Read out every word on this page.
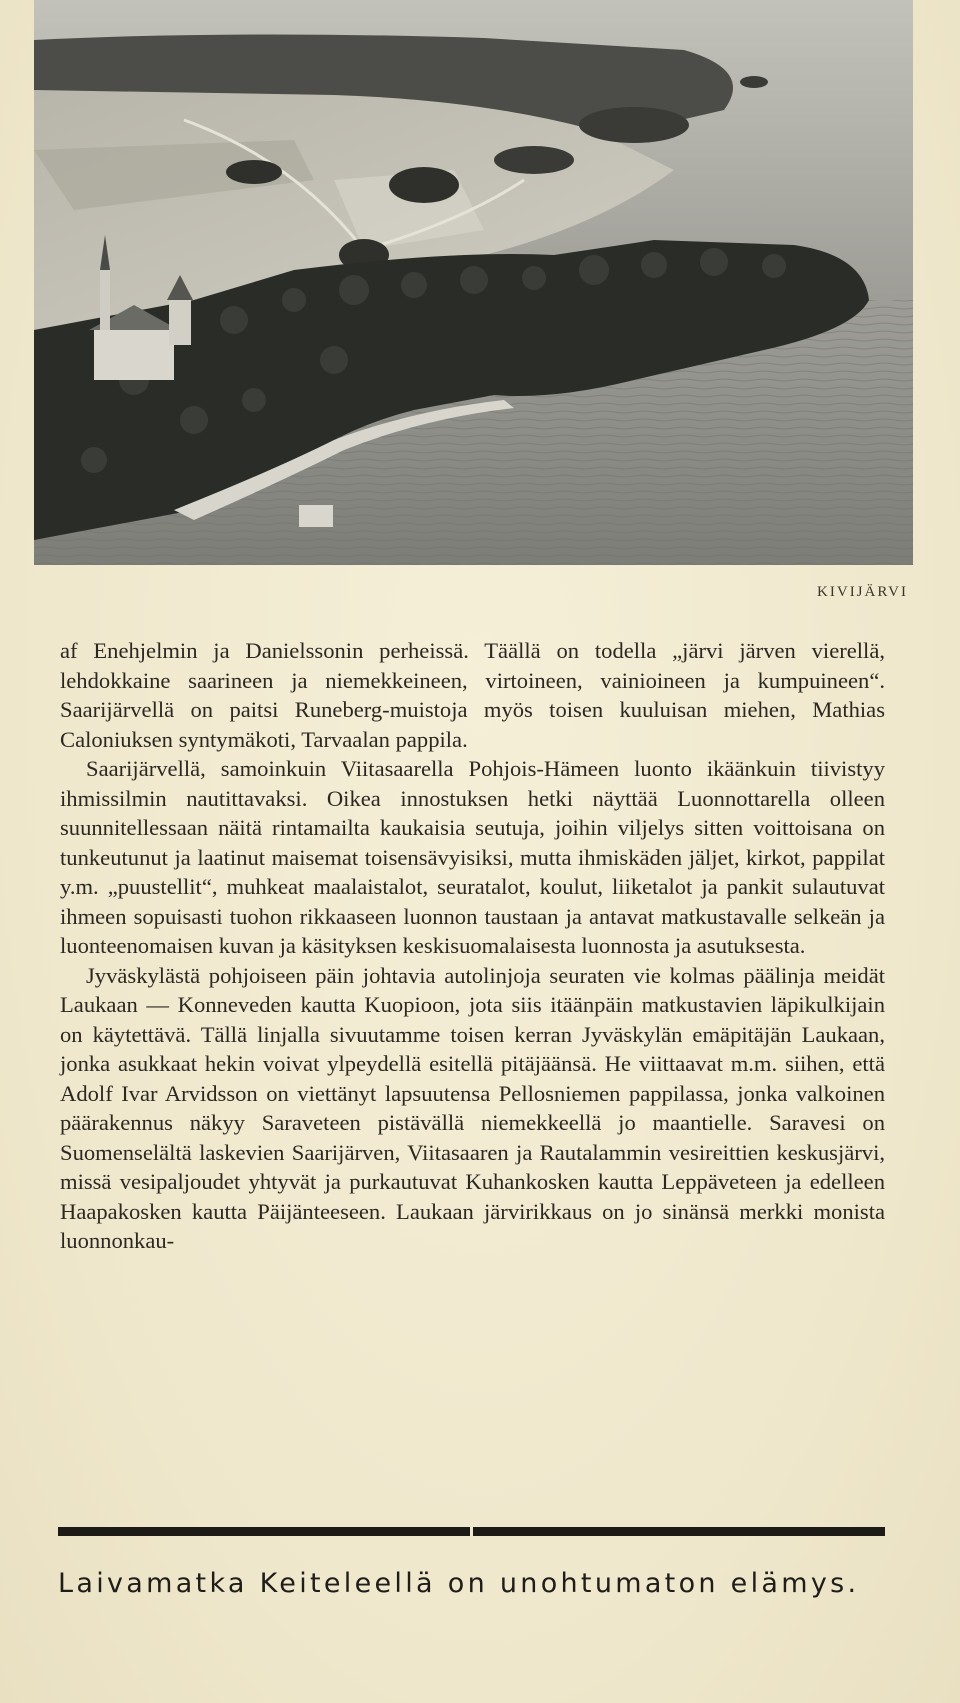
KIVIJÄRVI

af Enehjelmin ja Danielssonin perheissä. Täällä on todella „järvi järven vierellä, lehdokkaine saarineen ja niemekkeineen, virtoineen, vainioineen ja kumpuineen“. Saarijärvellä on paitsi Runeberg-muistoja myös toisen kuuluisan miehen, Mathias Caloniuksen syntymäkoti, Tarvaalan pappila.

Saarijärvellä, samoinkuin Viitasaarella Pohjois-Hämeen luonto ikäänkuin tiivistyy ihmissilmin nautittavaksi. Oikea innostuksen hetki näyttää Luonnottarella olleen suunnitellessaan näitä rintamailta kaukaisia seutuja, joihin viljelys sitten voittoisana on tunkeutunut ja laatinut maisemat toisensävyisiksi, mutta ihmiskäden jäljet, kirkot, pappilat y.m. „puustellit“, muhkeat maalaistalot, seuratalot, koulut, liiketalot ja pankit sulautuvat ihmeen sopuisasti tuohon rikkaaseen luonnon taustaan ja antavat matkustavalle selkeän ja luonteenomaisen kuvan ja käsityksen keskisuomalaisesta luonnosta ja asutuksesta.

Jyväskylästä pohjoiseen päin johtavia autolinjoja seuraten vie kolmas päälinja meidät Laukaan — Konneveden kautta Kuopioon, jota siis itäänpäin matkustavien läpikulkijain on käytettävä. Tällä linjalla sivuutamme toisen kerran Jyväskylän emäpitäjän Laukaan, jonka asukkaat hekin voivat ylpeydellä esitellä pitäjäänsä. He viittaavat m.m. siihen, että Adolf Ivar Arvidsson on viettänyt lapsuutensa Pellosniemen pappilassa, jonka valkoinen päärakennus näkyy Saraveteen pistävällä niemekkeellä jo maantielle. Saravesi on Suomenselältä laskevien Saarijärven, Viitasaaren ja Rautalammin vesireittien keskusjärvi, missä vesipaljoudet yhtyvät ja purkautuvat Kuhankosken kautta Leppäveteen ja edelleen Haapakosken kautta Päijänteeseen. Laukaan järvirikkaus on jo sinänsä merkki monista luonnonkau-

Laivamatka Keiteleellä on unohtumaton elämys.
